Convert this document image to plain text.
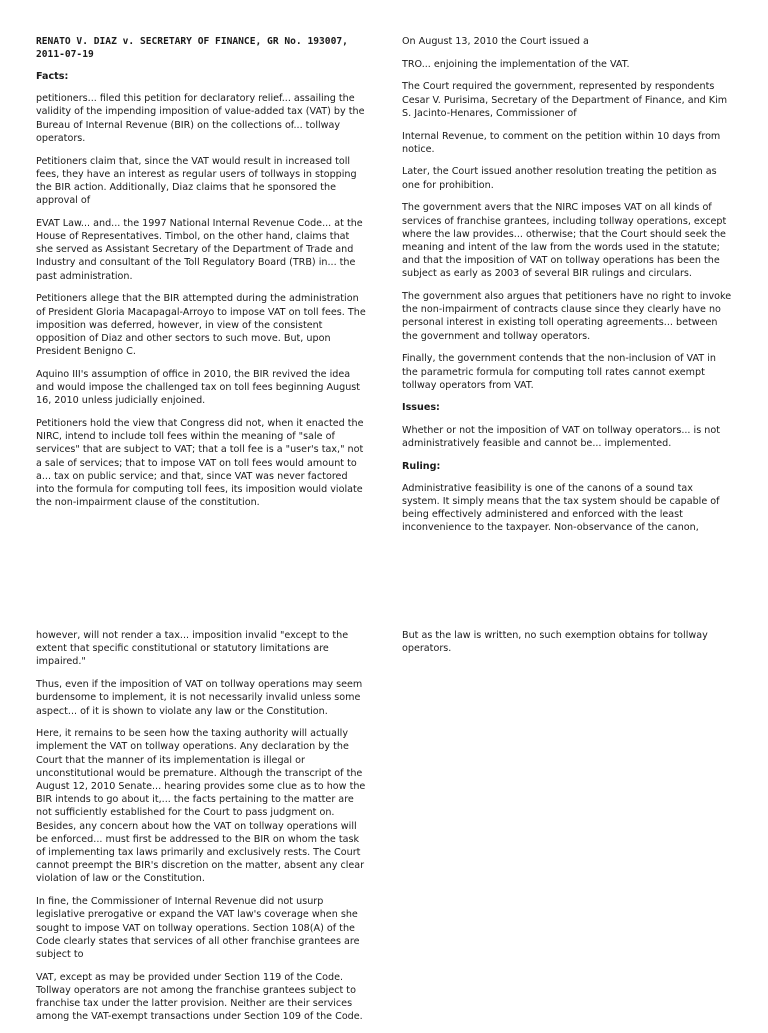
RENATO V. DIAZ v. SECRETARY OF FINANCE, GR No. 193007, 2011-07-19

Facts:

petitioners... filed this petition for declaratory relief... assailing the validity of the impending imposition of value-added tax (VAT) by the Bureau of Internal Revenue (BIR) on the collections of... tollway operators.

Petitioners claim that, since the VAT would result in increased toll fees, they have an interest as regular users of tollways in stopping the BIR action. Additionally, Diaz claims that he sponsored the approval of

EVAT Law... and... the 1997 National Internal Revenue Code... at the House of Representatives. Timbol, on the other hand, claims that she served as Assistant Secretary of the Department of Trade and Industry and consultant of the Toll Regulatory Board (TRB) in... the past administration.

Petitioners allege that the BIR attempted during the administration of President Gloria Macapagal-Arroyo to impose VAT on toll fees. The imposition was deferred, however, in view of the consistent opposition of Diaz and other sectors to such move. But, upon President Benigno C.

Aquino III's assumption of office in 2010, the BIR revived the idea and would impose the challenged tax on toll fees beginning August 16, 2010 unless judicially enjoined.

Petitioners hold the view that Congress did not, when it enacted the NIRC, intend to include toll fees within the meaning of "sale of services" that are subject to VAT; that a toll fee is a "user's tax," not a sale of services; that to impose VAT on toll fees would amount to a... tax on public service; and that, since VAT was never factored into the formula for computing toll fees, its imposition would violate the non-impairment clause of the constitution.

On August 13, 2010 the Court issued a

TRO... enjoining the implementation of the VAT.

The Court required the government, represented by respondents Cesar V. Purisima, Secretary of the Department of Finance, and Kim S. Jacinto-Henares, Commissioner of

Internal Revenue, to comment on the petition within 10 days from notice.

Later, the Court issued another resolution treating the petition as one for prohibition.

The government avers that the NIRC imposes VAT on all kinds of services of franchise grantees, including tollway operations, except where the law provides... otherwise; that the Court should seek the meaning and intent of the law from the words used in the statute; and that the imposition of VAT on tollway operations has been the subject as early as 2003 of several BIR rulings and circulars.

The government also argues that petitioners have no right to invoke the non-impairment of contracts clause since they clearly have no personal interest in existing toll operating agreements... between the government and tollway operators.

Finally, the government contends that the non-inclusion of VAT in the parametric formula for computing toll rates cannot exempt tollway operators from VAT.

Issues:

Whether or not the imposition of VAT on tollway operators... is not administratively feasible and cannot be... implemented.

Ruling:

Administrative feasibility is one of the canons of a sound tax system. It simply means that the tax system should be capable of being effectively administered and enforced with the least inconvenience to the taxpayer. Non-observance of the canon,

however, will not render a tax... imposition invalid "except to the extent that specific constitutional or statutory limitations are impaired."

Thus, even if the imposition of VAT on tollway operations may seem burdensome to implement, it is not necessarily invalid unless some aspect... of it is shown to violate any law or the Constitution.

Here, it remains to be seen how the taxing authority will actually implement the VAT on tollway operations. Any declaration by the Court that the manner of its implementation is illegal or unconstitutional would be premature. Although the transcript of the August 12, 2010 Senate... hearing provides some clue as to how the BIR intends to go about it,... the facts pertaining to the matter are not sufficiently established for the Court to pass judgment on. Besides, any concern about how the VAT on tollway operations will be enforced... must first be addressed to the BIR on whom the task of implementing tax laws primarily and exclusively rests. The Court cannot preempt the BIR's discretion on the matter, absent any clear violation of law or the Constitution.

In fine, the Commissioner of Internal Revenue did not usurp legislative prerogative or expand the VAT law's coverage when she sought to impose VAT on tollway operations. Section 108(A) of the Code clearly states that services of all other franchise grantees are subject to

VAT, except as may be provided under Section 119 of the Code. Tollway operators are not among the franchise grantees subject to franchise tax under the latter provision. Neither are their services among the VAT-exempt transactions under Section 109 of the Code.

But as the law is written, no such exemption obtains for tollway operators.
